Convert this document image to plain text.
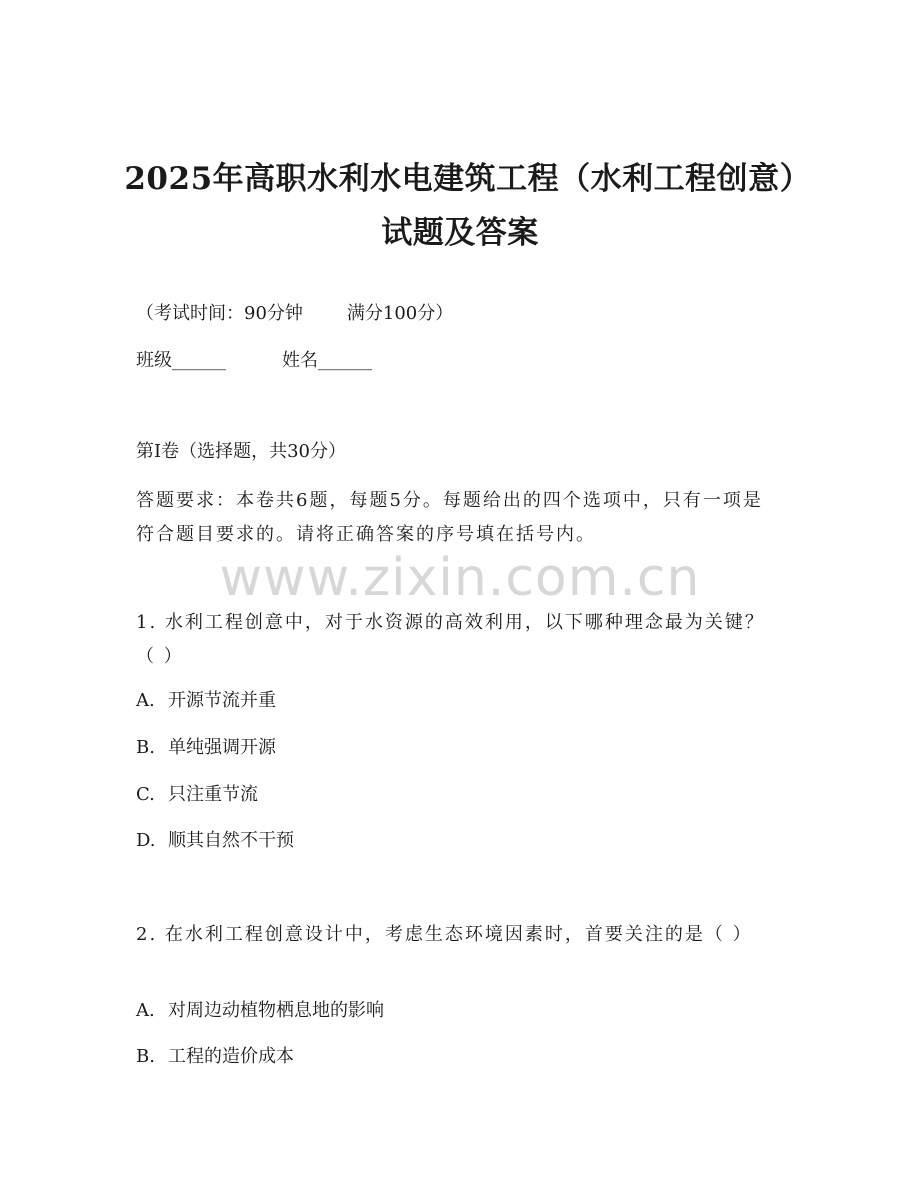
2025年高职水利水电建筑工程（水利工程创意）试题及答案
（考试时间：90分钟 满分100分）
班级______	姓名______
第I卷（选择题，共30分）
答题要求：本卷共6题，每题5分。每题给出的四个选项中，只有一项是符合题目要求的。请将正确答案的序号填在括号内。
www.zixin.com.cn
1. 水利工程创意中，对于水资源的高效利用，以下哪种理念最为关键？（ ）
A. 开源节流并重
B. 单纯强调开源
C. 只注重节流
D. 顺其自然不干预
2. 在水利工程创意设计中，考虑生态环境因素时，首要关注的是（ ）
A. 对周边动植物栖息地的影响
B. 工程的造价成本
